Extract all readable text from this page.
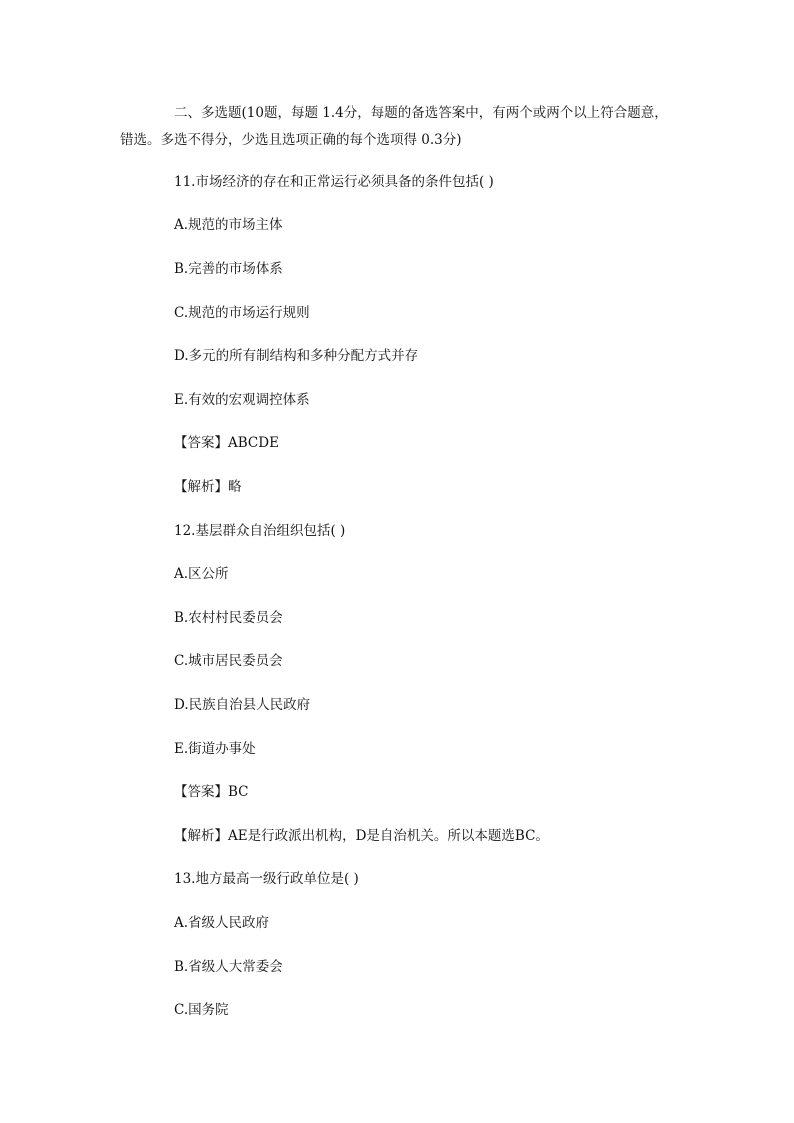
二、多选题(10题，每题 1.4分，每题的备选答案中，有两个或两个以上符合题意，错选。多选不得分，少选且选项正确的每个选项得 0.3分)

11.市场经济的存在和正常运行必须具备的条件包括( )

A.规范的市场主体

B.完善的市场体系

C.规范的市场运行规则

D.多元的所有制结构和多种分配方式并存

E.有效的宏观调控体系

【答案】ABCDE

【解析】略

12.基层群众自治组织包括( )

A.区公所

B.农村村民委员会

C.城市居民委员会

D.民族自治县人民政府

E.街道办事处

【答案】BC

【解析】AE是行政派出机构，D是自治机关。所以本题选BC。

13.地方最高一级行政单位是( )

A.省级人民政府

B.省级人大常委会

C.国务院
